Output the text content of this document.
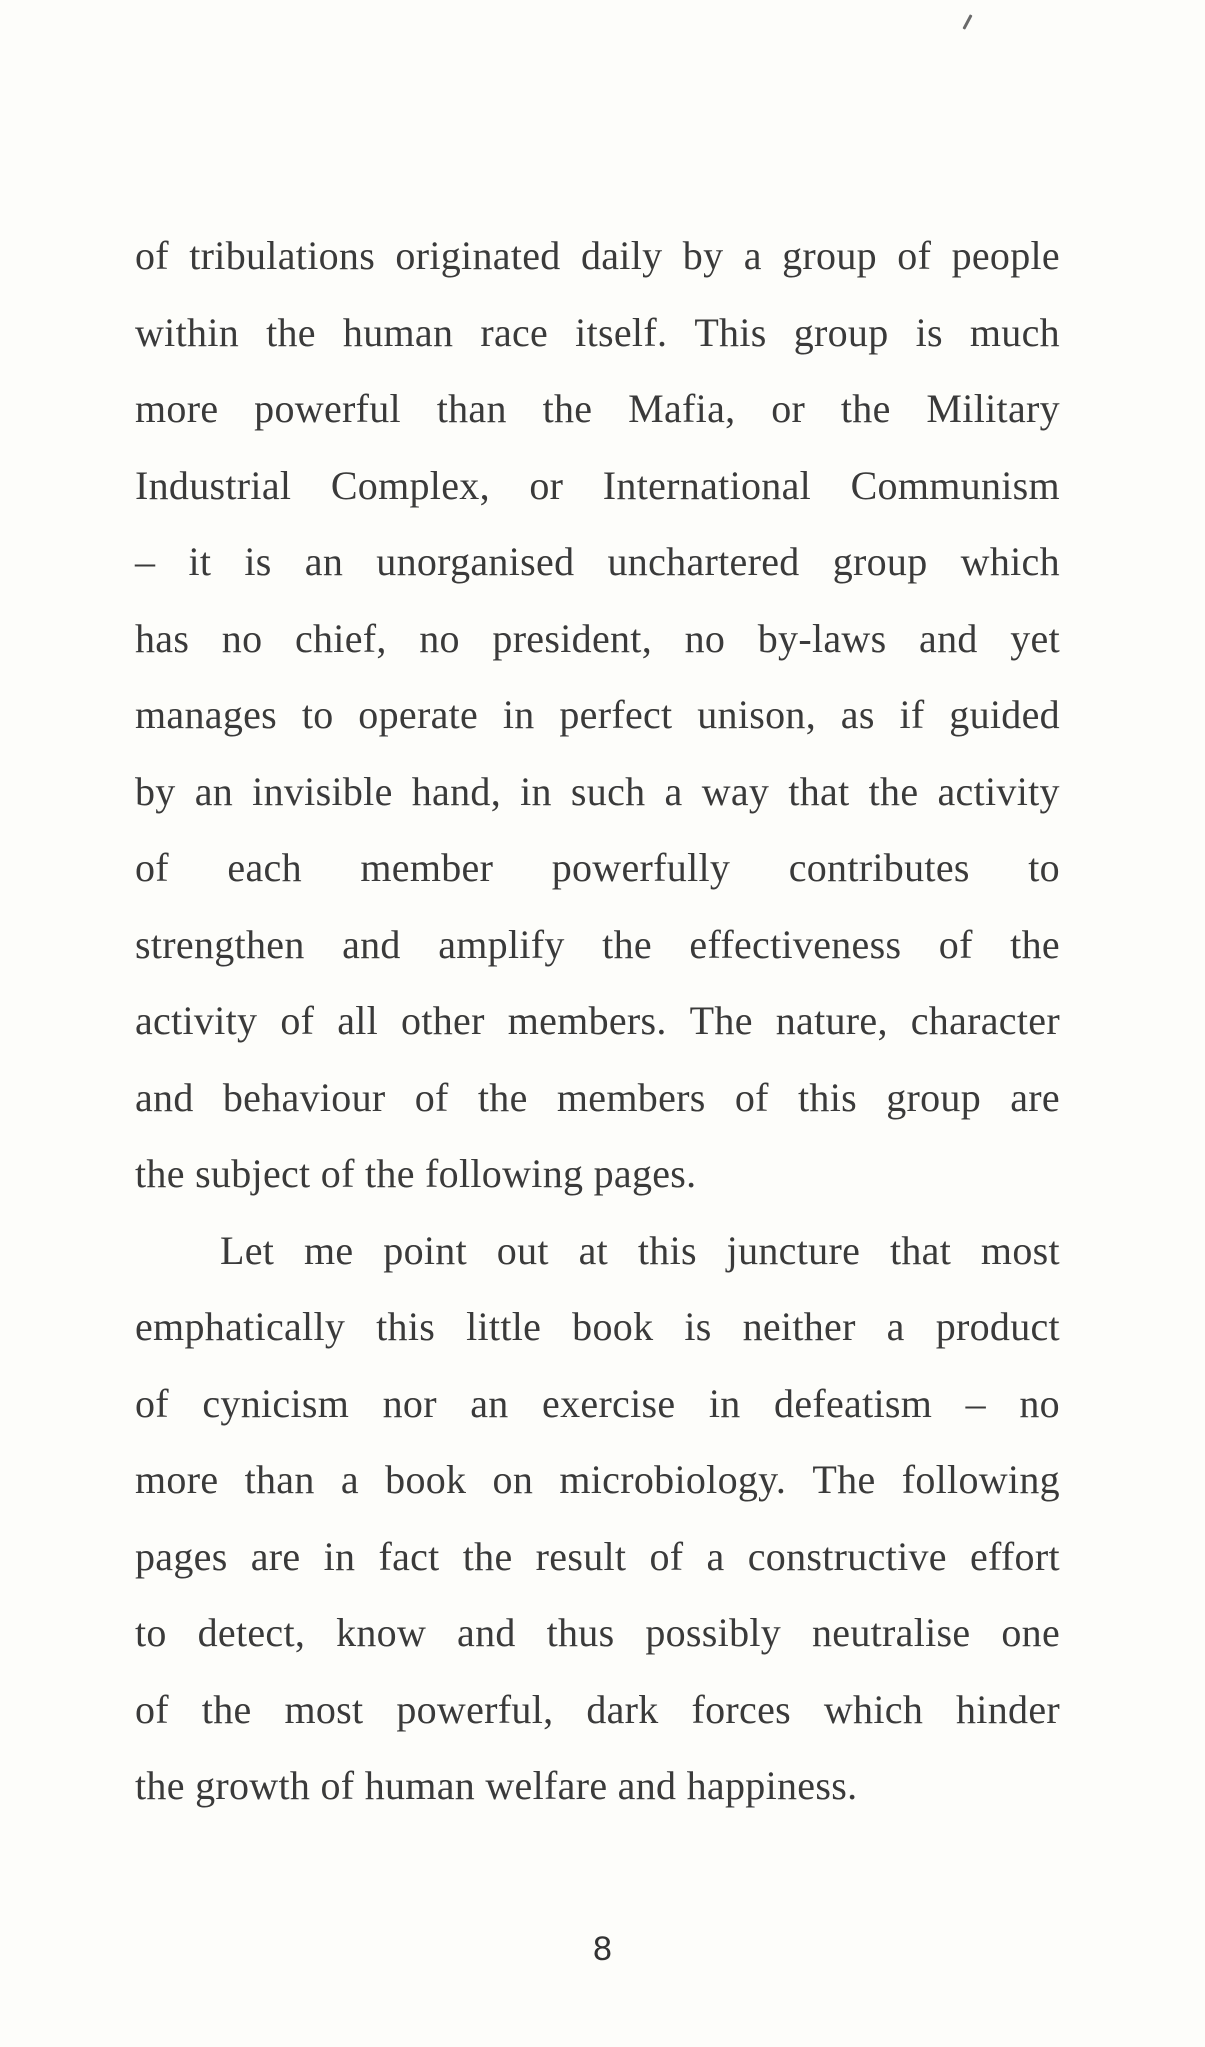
of tribulations originated daily by a group of people
within the human race itself. This group is much
more powerful than the Mafia, or the Military
Industrial Complex, or International Communism
– it is an unorganised unchartered group which
has no chief, no president, no by-laws and yet
manages to operate in perfect unison, as if guided
by an invisible hand, in such a way that the activity
of each member powerfully contributes to
strengthen and amplify the effectiveness of the
activity of all other members. The nature, character
and behaviour of the members of this group are
the subject of the following pages.
Let me point out at this juncture that most
emphatically this little book is neither a product
of cynicism nor an exercise in defeatism – no
more than a book on microbiology. The following
pages are in fact the result of a constructive effort
to detect, know and thus possibly neutralise one
of the most powerful, dark forces which hinder
the growth of human welfare and happiness.
8
